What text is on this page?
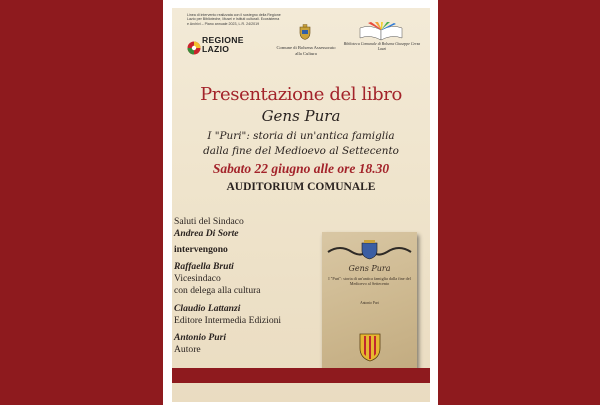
Linea di intervento realizzata con il sostegno della Regione Lazio per Biblioteche, Musei e Istituti culturali. Ecosistema e Archivi – Piano annuale 2023, L.R. 24/2019
REGIONE LAZIO	Comune di Bolsena Assessorato alla Cultura
Biblioteca Comunale di Bolsena Giuseppe Cerza Lazzi
Presentazione del libro
Gens Pura
I "Puri": storia di un'antica famiglia
dalla fine del Medioevo al Settecento
Sabato 22 giugno alle ore 18.30
AUDITORIUM COMUNALE
Saluti del Sindaco
Andrea Di Sorte
intervengono
Raffaella Bruti
Vicesindaco
con delega alla cultura
Claudio Lattanzi
Editore Intermedia Edizioni
Antonio Puri
Autore
Gens Pura
I "Puri": storia di un'antica famiglia dalla fine del Medioevo al Settecento
Antonio Puri
